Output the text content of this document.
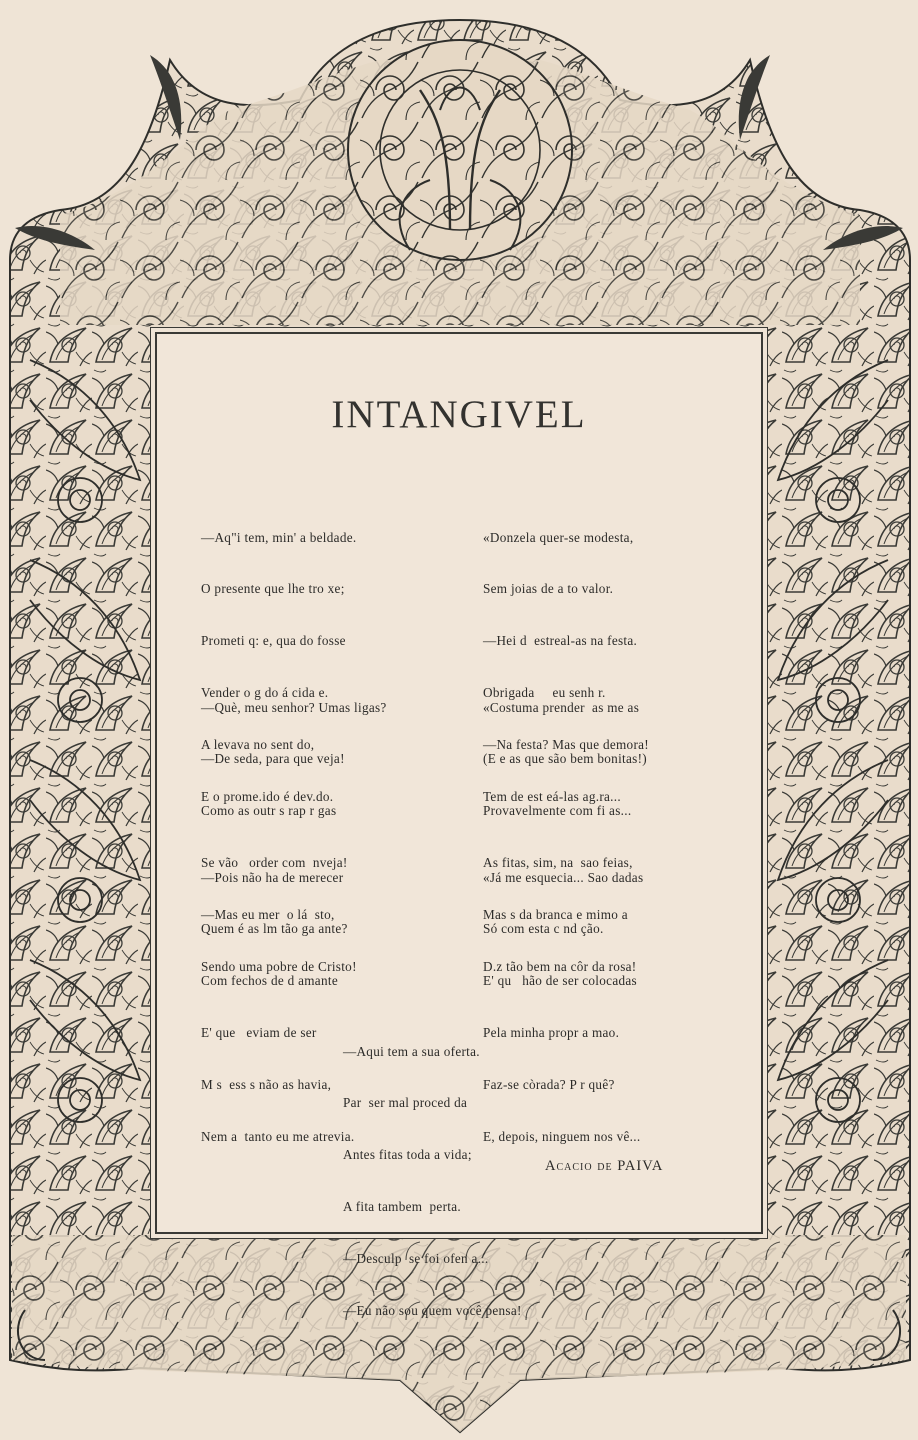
INTANGIVEL

—Aq"i tem, min' a beldade.

O presente que lhe tro xe;

Prometi q: e, qua do fosse

Vender o g do á cida e.

A levava no sent do,

E o prome.ido é dev.do.

«Donzela quer-se modesta,

Sem joias de a to valor.

—Hei d  estreal-as na festa.

Obrigada     eu senh r.

—Na festa? Mas que demora!

Tem de est eá-las ag.ra...

—Què, meu senhor? Umas ligas?

—De seda, para que veja!

Como as outr s rap r gas

Se vão   order com  nveja!

—Mas eu mer  o lá  sto,

Sendo uma pobre de Cristo!

«Costuma prender  as me as

(E e as que são bem bonitas!)

Provavelmente com fi as...

As fitas, sim, na  sao feias,

Mas s da branca e mimo a

D.z tão bem na côr da rosa!

—Pois não ha de merecer

Quem é as lm tão ga ante?

Com fechos de d amante

E' que   eviam de ser

M s  ess s não as havia,

Nem a  tanto eu me atrevia.

«Já me esquecia... Sao dadas

Só com esta c nd ção.

E' qu   hão de ser colocadas

Pela minha propr a mao.

Faz-se còrada? P r quê?

E, depois, ninguem nos vê...

—Aqui tem a sua oferta.

Par  ser mal proced da

Antes fitas toda a vida;

A fita tambem  perta.

—Desculp  se foi ofen a...

—Eu não sou quem você pensa!

Acacio de PAIVA
